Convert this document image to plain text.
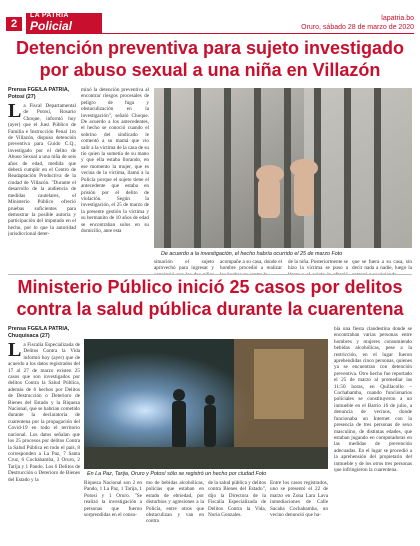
2
LA PATRIA
Policial
lapatria.bo
Oruro, sábado 28 de marzo de 2020
Detención preventiva para sujeto investigado por abuso sexual a una niña en Villazón
Prensa FGE/LA PATRIA,
Potosí (27)

La Fiscal Departamental de Potosí, Rosario Choque, informó hoy (ayer) que el Juez Público de Familia e Instrucción Penal 1ro de Villazón, dispuso detención preventiva para Guido C.Q., investigado por el delito de Abuso Sexual a una niña de seis años de edad, medida que deberá cumplir en el Centro de Readaptación Productiva de la ciudad de Villazón. "Durante el desarrollo de la audiencia de medidas cautelares, el Ministerio Público ofreció pruebas suficientes para demostrar la posible autoría y participación del imputado en el hecho, por lo que la autoridad jurisdiccional deter-

minó la detención preventiva al encontrar riesgos procesales de peligro de fuga y obstaculización en la investigación", señaló Choque. De acuerdo a los antecedentes, el hecho se conoció cuando el sobrino del sindicado le comentó a su mamá que vio salir a la víctima de la casa de su tío quien la sometía de su mano y que ella estaba llorando, en ese momento la mujer, que es vecina de la víctima, llamó a la Policía porque el sujeto tiene el antecedente que estaba en prisión por el delito de violación. Según la investigación, el 25 de marzo de la presente gestión la víctima y su hermanito de 10 años de edad se encontraban solos en su domicilio, ante esta

De acuerdo a la investigación, el hecho habría ocurrido el 25 de marzo Foto

situación el sujeto aprovechó para ingresar y

acompañe a su casa, donde el hombre procedió a realizar

de la niña. Posteriormente se hizo la víctima se puso a

que se fuera a su casa, sin decir nada a nadie, luego la

Ministerio Público inició 25 casos por delitos contra la salud pública durante la cuarentena
Prensa FGE/LA PATRIA,
Chuquisaca (27)

La Fiscalía Especializada de Delitos Contra la Vida informó hoy (ayer) que de acuerdo a los datos registrados del 17 al 27 de marzo existen 25 casos que son investigados por delitos Contra la Salud Pública, además de 6 hechos por Delitos de Destrucción o Deterioro de Bienes del Estado y la Riqueza Nacional, que se habrían cometido durante la declaratoria de cuarentena por la propagación del Covid-19 en todo el territorio nacional. Los datos señalan que los 25 procesos por delitos Contra la Salud Pública en todo el país, 8 corresponden a La Paz, 7 Santa Cruz, 6 Cochabamba, 3 Oruro, 2 Tarija y 1 Pando. Los 6 Delitos de Destrucción o Deterioro de Bienes del Estado y la

En La Paz, Tarija, Oruro y Potosí sólo se registró un hecho por ciudad Foto

Riqueza Nacional son 2 en Pando, 1 La Paz, 1 Tarija, 1 Potosí y 1 Oruro. "Se realizó la investigación a personas que fueron sorprendidas en el consu-

mo de bebidas alcohólicas, policías que estaban en estado de ebriedad, por disturbios y agresiones a la Policía, entre otros que obstaculizan y van en contra

de la salud pública y delitos contra Bienes del Estado", dijo la Directora de la Fiscalía Especializada de Delitos Contra la Vida, Nuria Gonzales.

Entre los casos registrados, uno se presentó el 22 de marzo en Zona Lara Lava inmediaciones de Calle Sacaba Cochabamba, un vecino denunció que ha-

bía una fiesta clandestina donde se encontraban varias personas entre hombres y mujeres consumiendo bebidas alcohólicas, pese a la restricción, en el lugar fueron aprehendidas cinco personas, quienes ya se encuentran con detención preventiva. Otro hecho fue reportado el 25 de marzo al promediar las 11:50 horas, en Quillacollo – Cochabamba, cuando funcionarios policiales se constituyeron a un inmueble en el Barrio 16 de julio, a denuncia de vecinos, donde funcionaba un Internet con la presencia de tres personas de sexo masculino, de distintas edades, que estaban jugando en computadoras en las medidas de prevención adecuadas. En el lugar se procedió a la aprehensión del propietario del inmueble y de los otros tres personas que infringieron la cuarentena.
